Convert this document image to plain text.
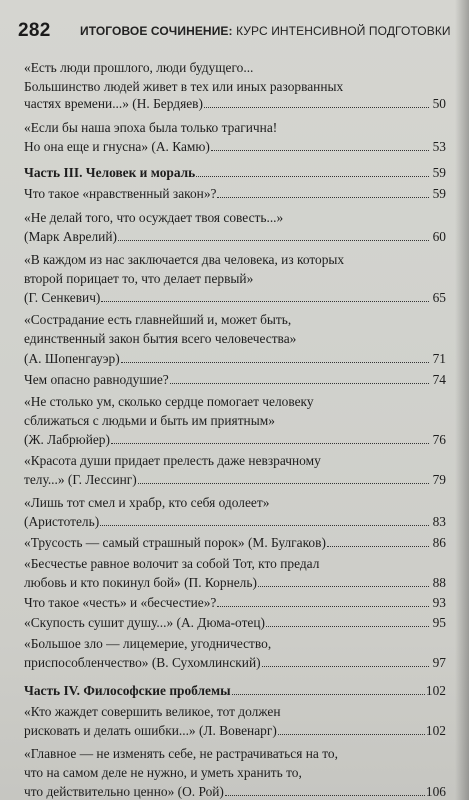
282 ИТОГОВОЕ СОЧИНЕНИЕ: КУРС ИНТЕНСИВНОЙ ПОДГОТОВКИ
«Есть люди прошлого, люди будущего...
Большинство людей живет в тех или иных разорванных
частях времени...» (Н. Бердяев)	50
«Если бы наша эпоха была только трагична!
Но она еще и гнусна» (А. Камю)	53
Часть III. Человек и мораль	59
Что такое «нравственный закон»?	59
«Не делай того, что осуждает твоя совесть...»
(Марк Аврелий)	60
«В каждом из нас заключается два человека, из которых
второй порицает то, что делает первый»
(Г. Сенкевич)	65
«Сострадание есть главнейший и, может быть,
единственный закон бытия всего человечества»
(А. Шопенгауэр)	71
Чем опасно равнодушие?	74
«Не столько ум, сколько сердце помогает человеку
сближаться с людьми и быть им приятным»
(Ж. Лабрюйер)	76
«Красота души придает прелесть даже невзрачному
телу...» (Г. Лессинг)	79
«Лишь тот смел и храбр, кто себя одолеет»
(Аристотель)	83
«Трусость — самый страшный порок» (М. Булгаков)	86
«Бесчестье равное волочит за собой Тот, кто предал
любовь и кто покинул бой» (П. Корнель)	88
Что такое «честь» и «бесчестие»?	93
«Скупость сушит душу...» (А. Дюма-отец)	95
«Большое зло — лицемерие, угодничество,
приспособленчество» (В. Сухомлинский)	97
Часть IV. Философские проблемы	102
«Кто жаждет совершить великое, тот должен
рисковать и делать ошибки...» (Л. Вовенарг)	102
«Главное — не изменять себе, не растрачиваться на то,
что на самом деле не нужно, и уметь хранить то,
что действительно ценно» (О. Рой)	106
